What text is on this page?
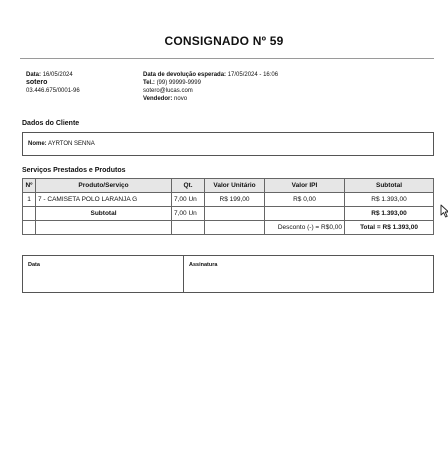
CONSIGNADO Nº 59
Data: 16/05/2024
sotero
03.446.675/0001-96
Data de devolução esperada: 17/05/2024 - 16:06
Tel.: (99) 99999-9999
sotero@lucas.com
Vendedor: novo
Dados do Cliente
Nome: AYRTON SENNA
Serviços Prestados e Produtos
Nº	Produto/Serviço	Qt.	Valor Unitário	Valor IPI	Subtotal
1	7 - CAMISETA POLO LARANJA G	7,00 Un	R$ 199,00	R$ 0,00	R$ 1.393,00
	Subtotal	7,00 Un			R$ 1.393,00
				Desconto (-) = R$0,00	Total = R$ 1.393,00
Data	Assinatura
